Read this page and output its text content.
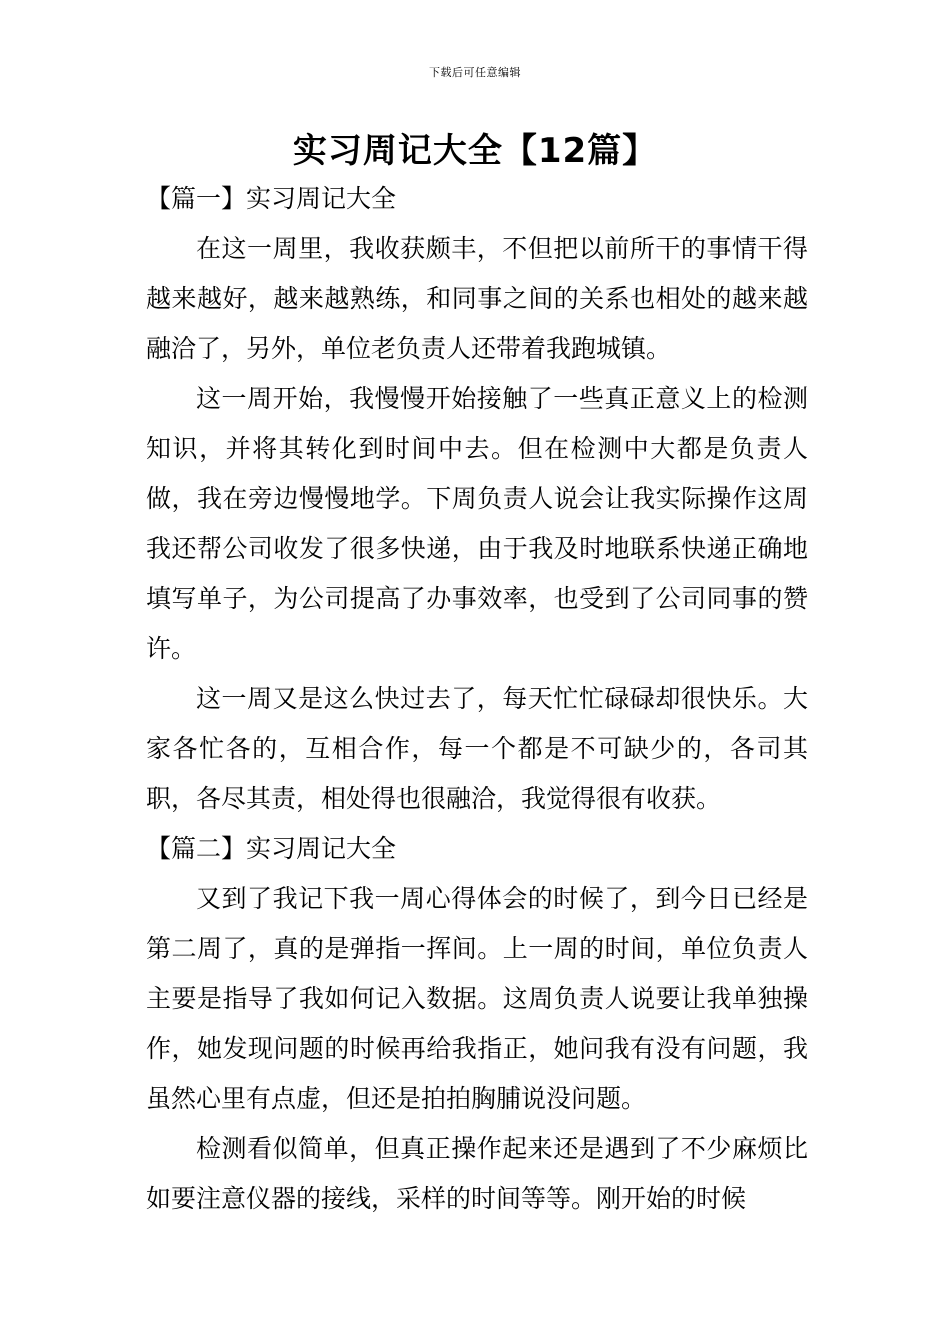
下载后可任意编辑
实习周记大全【12篇】

【篇一】实习周记大全

在这一周里，我收获颇丰，不但把以前所干的事情干得越来越好，越来越熟练，和同事之间的关系也相处的越来越融洽了，另外，单位老负责人还带着我跑城镇。

这一周开始，我慢慢开始接触了一些真正意义上的检测知识，并将其转化到时间中去。但在检测中大都是负责人做，我在旁边慢慢地学。下周负责人说会让我实际操作这周我还帮公司收发了很多快递，由于我及时地联系快递正确地填写单子，为公司提高了办事效率，也受到了公司同事的赞许。

这一周又是这么快过去了，每天忙忙碌碌却很快乐。大家各忙各的，互相合作，每一个都是不可缺少的，各司其职，各尽其责，相处得也很融洽，我觉得很有收获。

【篇二】实习周记大全

又到了我记下我一周心得体会的时候了，到今日已经是第二周了，真的是弹指一挥间。上一周的时间，单位负责人主要是指导了我如何记入数据。这周负责人说要让我单独操作，她发现问题的时候再给我指正，她问我有没有问题，我虽然心里有点虚，但还是拍拍胸脯说没问题。

检测看似简单，但真正操作起来还是遇到了不少麻烦比如要注意仪器的接线，采样的时间等等。刚开始的时候
